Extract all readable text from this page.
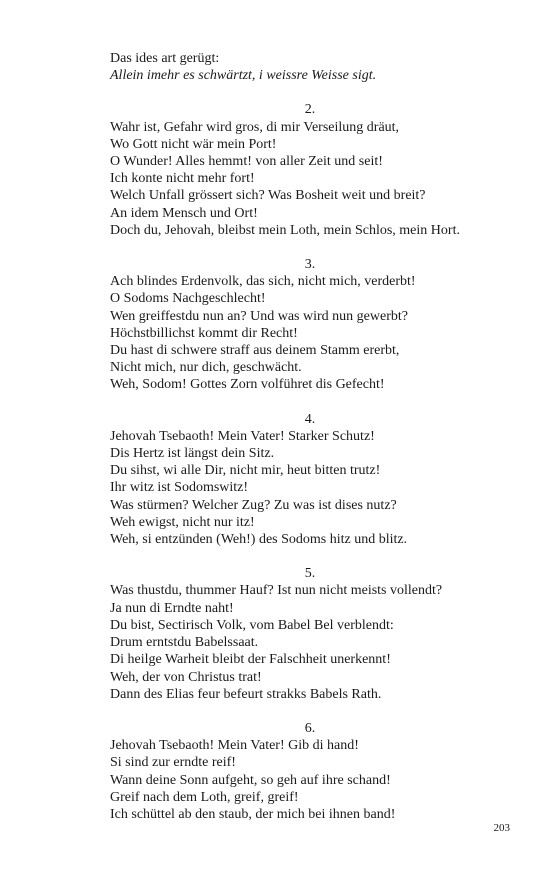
Das ides art gerügt:
Allein imehr es schwärtzt, i weissre Weisse sigt.
2.
Wahr ist, Gefahr wird gros, di mir Verseilung dräut,
Wo Gott nicht wär mein Port!
O Wunder! Alles hemmt! von aller Zeit und seit!
Ich konte nicht mehr fort!
Welch Unfall grössert sich? Was Bosheit weit und breit?
An idem Mensch und Ort!
Doch du, Jehovah, bleibst mein Loth, mein Schlos, mein Hort.
3.
Ach blindes Erdenvolk, das sich, nicht mich, verderbt!
O Sodoms Nachgeschlecht!
Wen greiffestdu nun an? Und was wird nun gewerbt?
Höchstbillichst kommt dir Recht!
Du hast di schwere straff aus deinem Stamm ererbt,
Nicht mich, nur dich, geschwächt.
Weh, Sodom! Gottes Zorn volführet dis Gefecht!
4.
Jehovah Tsebaoth! Mein Vater! Starker Schutz!
Dis Hertz ist längst dein Sitz.
Du sihst, wi alle Dir, nicht mir, heut bitten trutz!
Ihr witz ist Sodomswitz!
Was stürmen? Welcher Zug? Zu was ist dises nutz?
Weh ewigst, nicht nur itz!
Weh, si entzünden (Weh!) des Sodoms hitz und blitz.
5.
Was thustdu, thummer Hauf? Ist nun nicht meists vollendt?
Ja nun di Erndte naht!
Du bist, Sectirisch Volk, vom Babel Bel verblendt:
Drum erntstdu Babelssaat.
Di heilge Warheit bleibt der Falschheit unerkennt!
Weh, der von Christus trat!
Dann des Elias feur befeurt strakks Babels Rath.
6.
Jehovah Tsebaoth! Mein Vater! Gib di hand!
Si sind zur erndte reif!
Wann deine Sonn aufgeht, so geh auf ihre schand!
Greif nach dem Loth, greif, greif!
Ich schüttel ab den staub, der mich bei ihnen band!
203
